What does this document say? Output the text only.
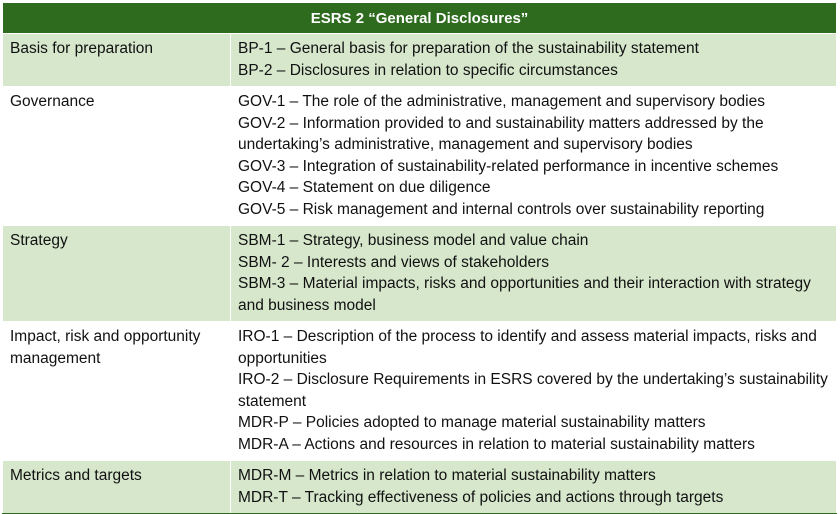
ESRS 2 “General Disclosures”	
Basis for preparation	BP-1 – General basis for preparation of the sustainability statement
BP-2 – Disclosures in relation to specific circumstances

Governance	GOV-1 – The role of the administrative, management and supervisory bodies
GOV-2 – Information provided to and sustainability matters addressed by the undertaking’s administrative, management and supervisory bodies
GOV-3 – Integration of sustainability-related performance in incentive schemes
GOV-4 – Statement on due diligence
GOV-5 – Risk management and internal controls over sustainability reporting

Strategy	SBM-1 – Strategy, business model and value chain
SBM- 2 – Interests and views of stakeholders
SBM-3 – Material impacts, risks and opportunities and their interaction with strategy and business model

Impact, risk and opportunity management	IRO-1 – Description of the process to identify and assess material impacts, risks and opportunities
IRO-2 – Disclosure Requirements in ESRS covered by the undertaking’s sustainability statement
MDR-P – Policies adopted to manage material sustainability matters
MDR-A – Actions and resources in relation to material sustainability matters

Metrics and targets	MDR-M – Metrics in relation to material sustainability matters
MDR-T – Tracking effectiveness of policies and actions through targets
